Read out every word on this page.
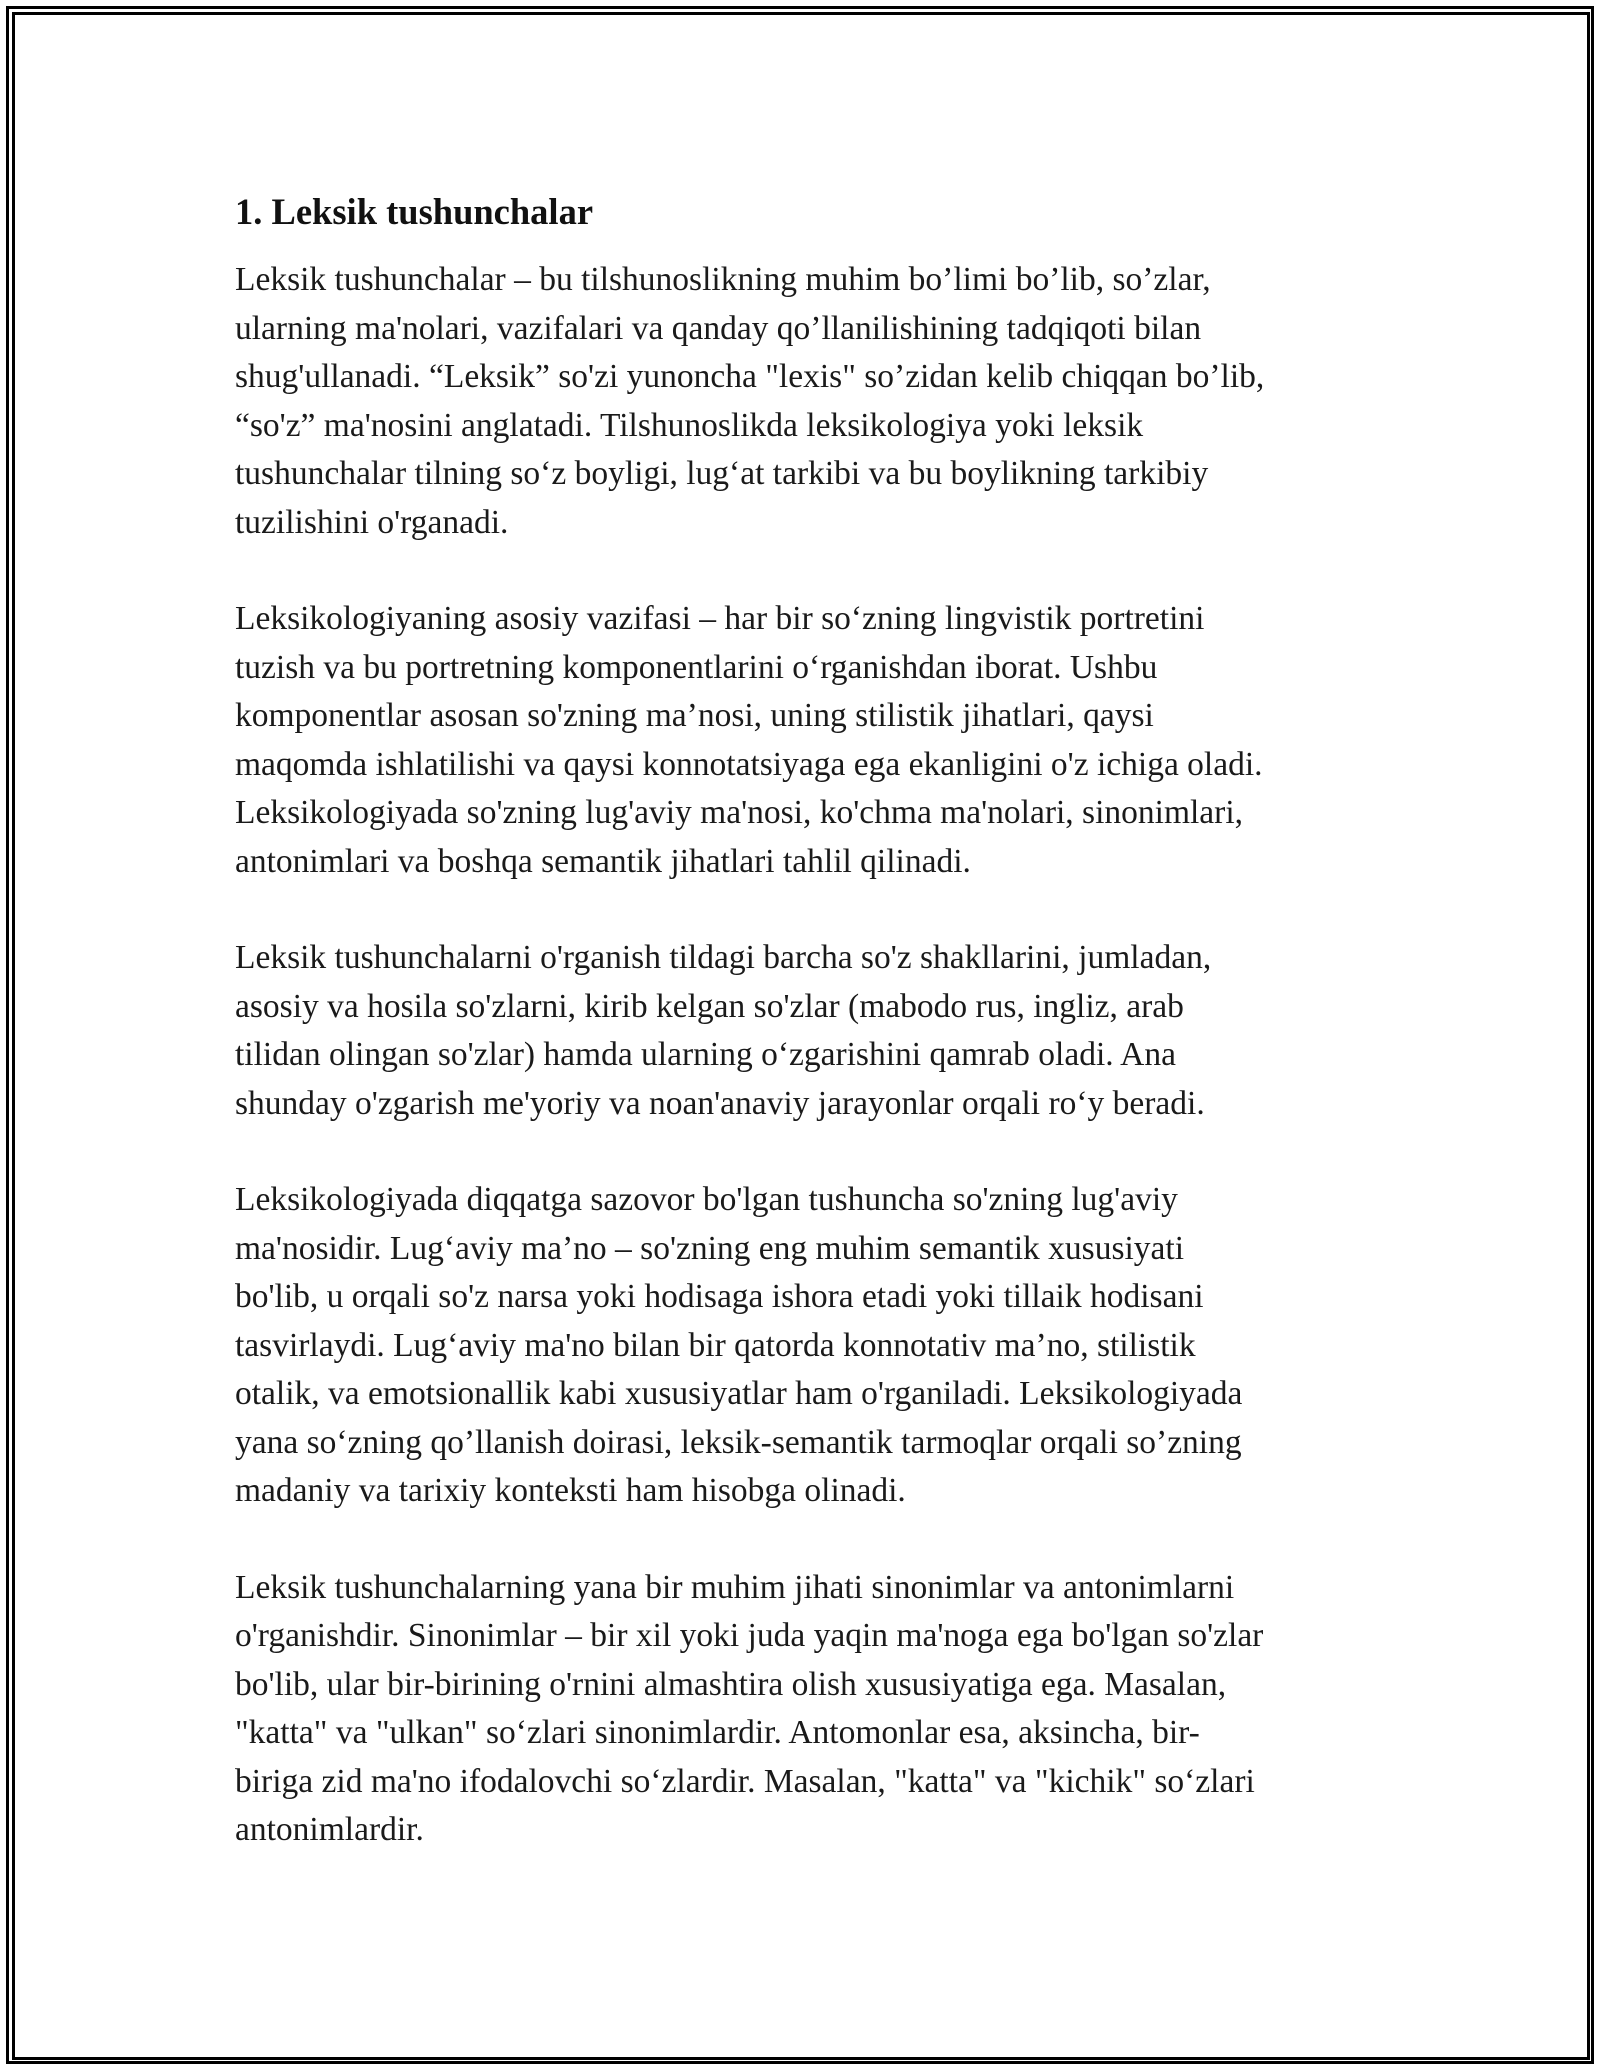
1. Leksik tushunchalar

Leksik tushunchalar – bu tilshunoslikning muhim bo’limi bo’lib, so’zlar,
ularning ma'nolari, vazifalari va qanday qo’llanilishining tadqiqoti bilan
shug'ullanadi. “Leksik” so'zi yunoncha "lexis" so’zidan kelib chiqqan bo’lib,
“so'z” ma'nosini anglatadi. Tilshunoslikda leksikologiya yoki leksik
tushunchalar tilning so‘z boyligi, lug‘at tarkibi va bu boylikning tarkibiy
tuzilishini o'rganadi.

Leksikologiyaning asosiy vazifasi – har bir so‘zning lingvistik portretini
tuzish va bu portretning komponentlarini o‘rganishdan iborat. Ushbu
komponentlar asosan so'zning ma’nosi, uning stilistik jihatlari, qaysi
maqomda ishlatilishi va qaysi konnotatsiyaga ega ekanligini o'z ichiga oladi.
Leksikologiyada so'zning lug'aviy ma'nosi, ko'chma ma'nolari, sinonimlari,
antonimlari va boshqa semantik jihatlari tahlil qilinadi.

Leksik tushunchalarni o'rganish tildagi barcha so'z shakllarini, jumladan,
asosiy va hosila so'zlarni, kirib kelgan so'zlar (mabodo rus, ingliz, arab
tilidan olingan so'zlar) hamda ularning o‘zgarishini qamrab oladi. Ana
shunday o'zgarish me'yoriy va noan'anaviy jarayonlar orqali ro‘y beradi.

Leksikologiyada diqqatga sazovor bo'lgan tushuncha so'zning lug'aviy
ma'nosidir. Lug‘aviy ma’no – so'zning eng muhim semantik xususiyati
bo'lib, u orqali so'z narsa yoki hodisaga ishora etadi yoki tillaik hodisani
tasvirlaydi. Lug‘aviy ma'no bilan bir qatorda konnotativ ma’no, stilistik
otalik, va emotsionallik kabi xususiyatlar ham o'rganiladi. Leksikologiyada
yana so‘zning qo’llanish doirasi, leksik-semantik tarmoqlar orqali so’zning
madaniy va tarixiy konteksti ham hisobga olinadi.

Leksik tushunchalarning yana bir muhim jihati sinonimlar va antonimlarni
o'rganishdir. Sinonimlar – bir xil yoki juda yaqin ma'noga ega bo'lgan so'zlar
bo'lib, ular bir-birining o'rnini almashtira olish xususiyatiga ega. Masalan,
"katta" va "ulkan" so‘zlari sinonimlardir. Antomonlar esa, aksincha, bir-
biriga zid ma'no ifodalovchi so‘zlardir. Masalan, "katta" va "kichik" so‘zlari
antonimlardir.
